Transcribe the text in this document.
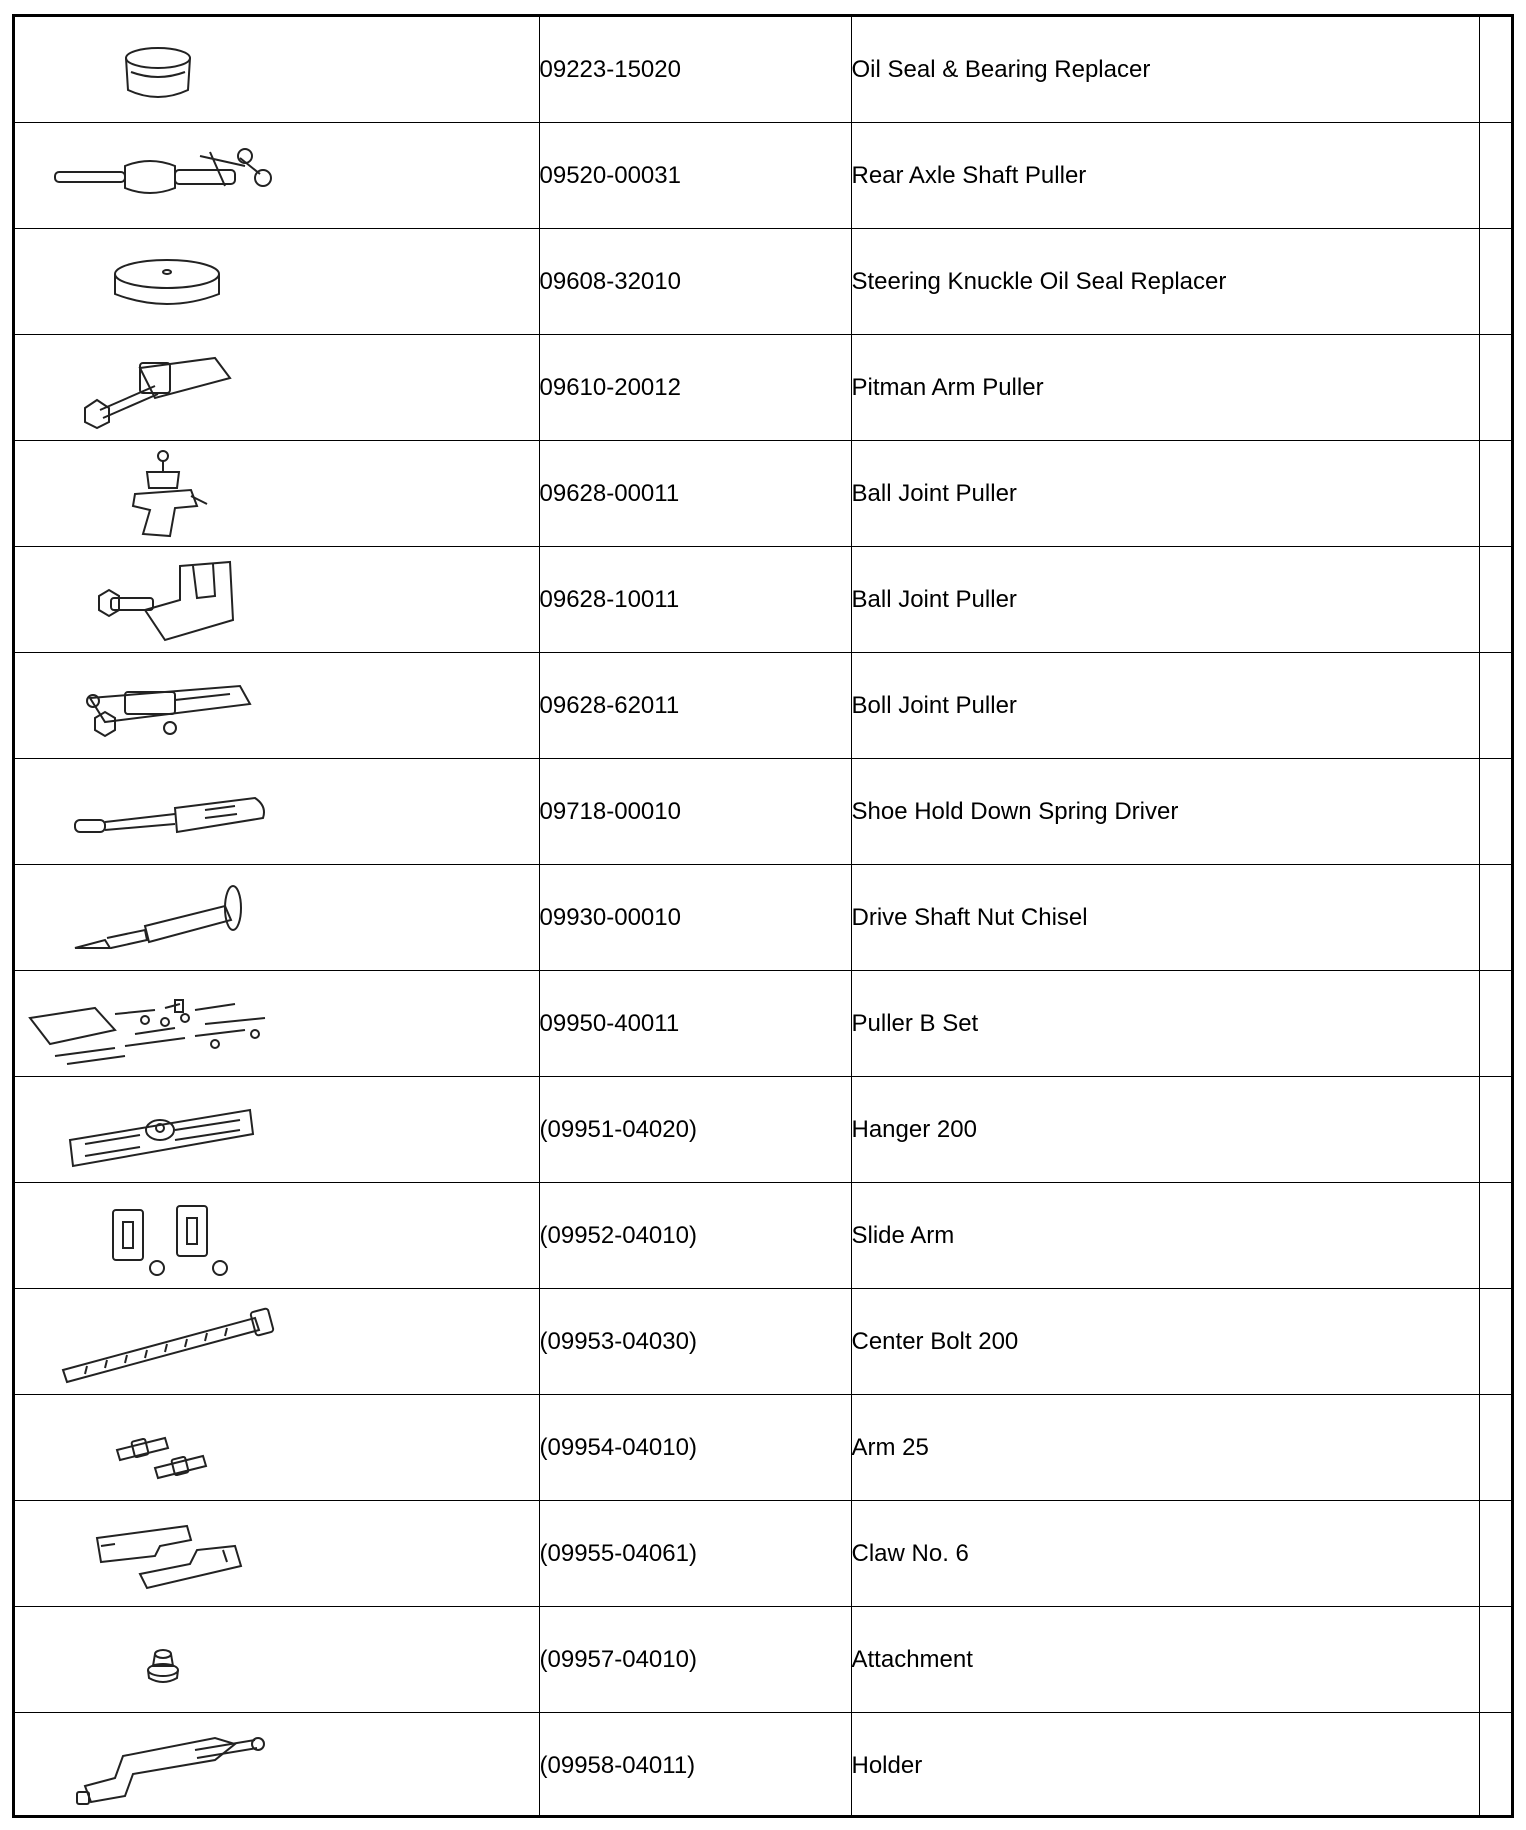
	09223-15020	Oil Seal & Bearing Replacer	

	09520-00031	Rear Axle Shaft Puller	

	09608-32010	Steering Knuckle Oil Seal Replacer	

	09610-20012	Pitman Arm Puller	

	09628-00011	Ball Joint Puller	

	09628-10011	Ball Joint Puller	

	09628-62011	Boll Joint Puller	

	09718-00010	Shoe Hold Down Spring Driver	

	09930-00010	Drive Shaft Nut Chisel	

	09950-40011	Puller B Set	

	(09951-04020)	Hanger 200	

	(09952-04010)	Slide Arm	

	(09953-04030)	Center Bolt 200	

	(09954-04010)	Arm 25	

	(09955-04061)	Claw No. 6	

	(09957-04010)	Attachment	

	(09958-04011)	Holder	
